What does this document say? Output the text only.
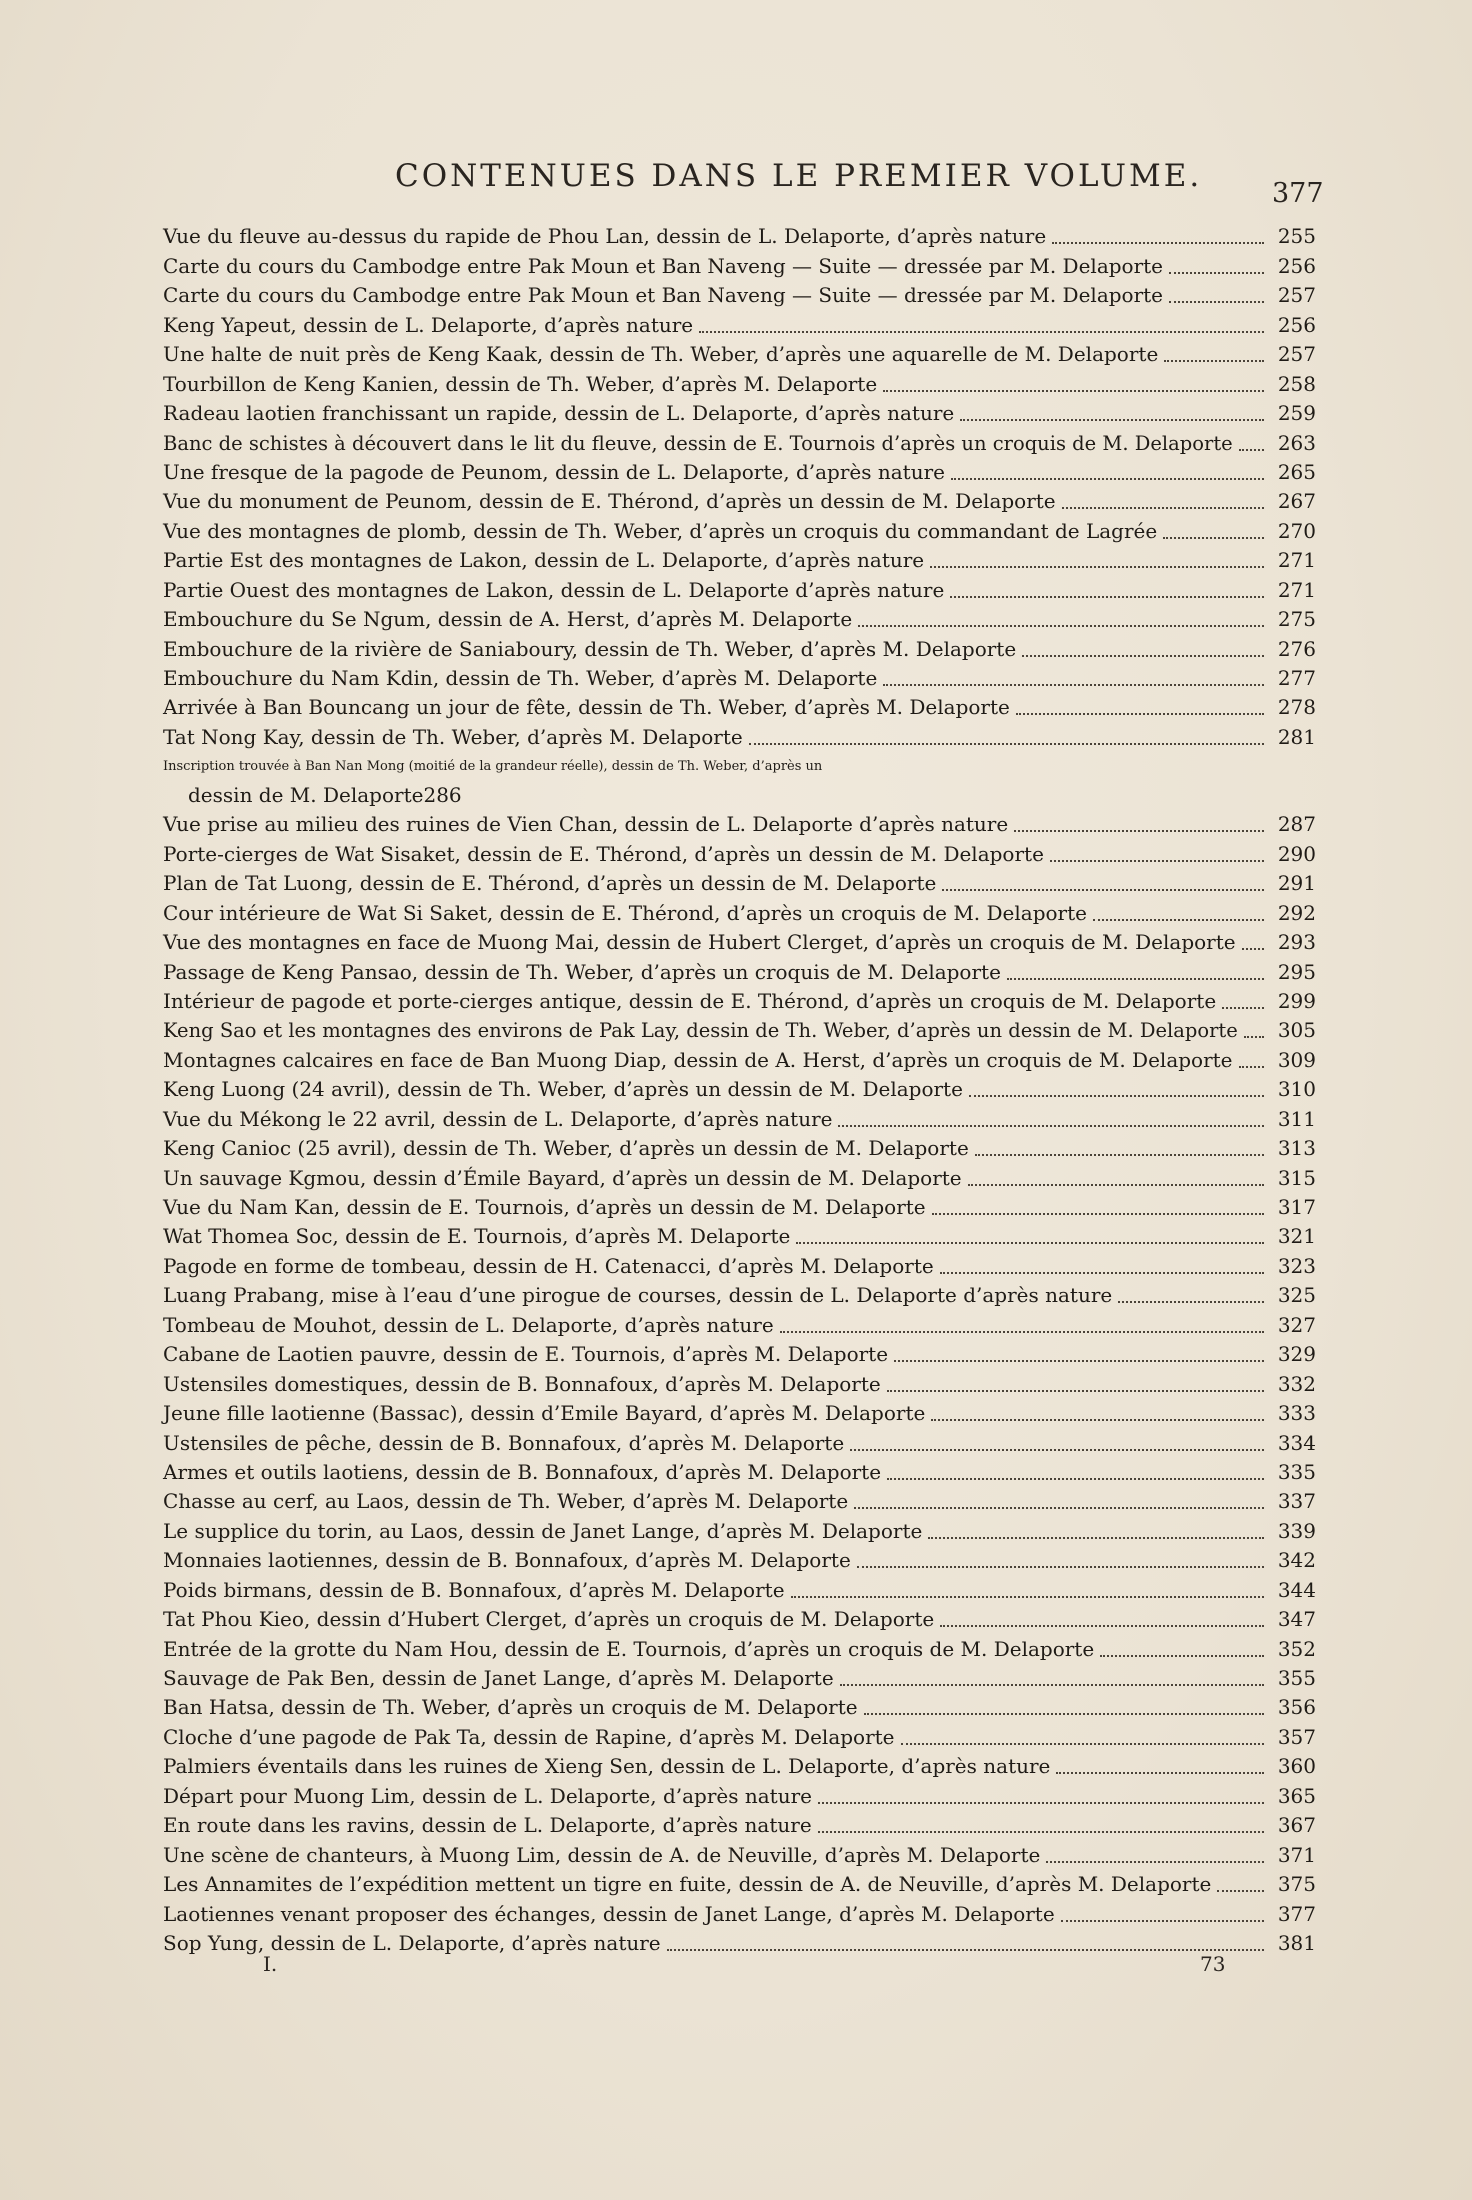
CONTENUES DANS LE PREMIER VOLUME.	377
Vue du fleuve au-dessus du rapide de Phou Lan, dessin de L. Delaporte, d’après nature	255
Carte du cours du Cambodge entre Pak Moun et Ban Naveng — Suite — dressée par M. Delaporte	256
Carte du cours du Cambodge entre Pak Moun et Ban Naveng — Suite — dressée par M. Delaporte	257
Keng Yapeut, dessin de L. Delaporte, d’après nature	256
Une halte de nuit près de Keng Kaak, dessin de Th. Weber, d’après une aquarelle de M. Delaporte	257
Tourbillon de Keng Kanien, dessin de Th. Weber, d’après M. Delaporte	258
Radeau laotien franchissant un rapide, dessin de L. Delaporte, d’après nature	259
Banc de schistes à découvert dans le lit du fleuve, dessin de E. Tournois d’après un croquis de M. Delaporte	263
Une fresque de la pagode de Peunom, dessin de L. Delaporte, d’après nature	265
Vue du monument de Peunom, dessin de E. Thérond, d’après un dessin de M. Delaporte	267
Vue des montagnes de plomb, dessin de Th. Weber, d’après un croquis du commandant de Lagrée	270
Partie Est des montagnes de Lakon, dessin de L. Delaporte, d’après nature	271
Partie Ouest des montagnes de Lakon, dessin de L. Delaporte d’après nature	271
Embouchure du Se Ngum, dessin de A. Herst, d’après M. Delaporte	275
Embouchure de la rivière de Saniaboury, dessin de Th. Weber, d’après M. Delaporte	276
Embouchure du Nam Kdin, dessin de Th. Weber, d’après M. Delaporte	277
Arrivée à Ban Bouncang un jour de fête, dessin de Th. Weber, d’après M. Delaporte	278
Tat Nong Kay, dessin de Th. Weber, d’après M. Delaporte	281
Inscription trouvée à Ban Nan Mong (moitié de la grandeur réelle), dessin de Th. Weber, d’après un
dessin de M. Delaporte 286
Vue prise au milieu des ruines de Vien Chan, dessin de L. Delaporte d’après nature	287
Porte-cierges de Wat Sisaket, dessin de E. Thérond, d’après un dessin de M. Delaporte	290
Plan de Tat Luong, dessin de E. Thérond, d’après un dessin de M. Delaporte	291
Cour intérieure de Wat Si Saket, dessin de E. Thérond, d’après un croquis de M. Delaporte	292
Vue des montagnes en face de Muong Mai, dessin de Hubert Clerget, d’après un croquis de M. Delaporte	293
Passage de Keng Pansao, dessin de Th. Weber, d’après un croquis de M. Delaporte	295
Intérieur de pagode et porte-cierges antique, dessin de E. Thérond, d’après un croquis de M. Delaporte	299
Keng Sao et les montagnes des environs de Pak Lay, dessin de Th. Weber, d’après un dessin de M. Delaporte	305
Montagnes calcaires en face de Ban Muong Diap, dessin de A. Herst, d’après un croquis de M. Delaporte	309
Keng Luong (24 avril), dessin de Th. Weber, d’après un dessin de M. Delaporte	310
Vue du Mékong le 22 avril, dessin de L. Delaporte, d’après nature	311
Keng Canioc (25 avril), dessin de Th. Weber, d’après un dessin de M. Delaporte	313
Un sauvage Kgmou, dessin d’Émile Bayard, d’après un dessin de M. Delaporte	315
Vue du Nam Kan, dessin de E. Tournois, d’après un dessin de M. Delaporte	317
Wat Thomea Soc, dessin de E. Tournois, d’après M. Delaporte	321
Pagode en forme de tombeau, dessin de H. Catenacci, d’après M. Delaporte	323
Luang Prabang, mise à l’eau d’une pirogue de courses, dessin de L. Delaporte d’après nature	325
Tombeau de Mouhot, dessin de L. Delaporte, d’après nature	327
Cabane de Laotien pauvre, dessin de E. Tournois, d’après M. Delaporte	329
Ustensiles domestiques, dessin de B. Bonnafoux, d’après M. Delaporte	332
Jeune fille laotienne (Bassac), dessin d’Emile Bayard, d’après M. Delaporte	333
Ustensiles de pêche, dessin de B. Bonnafoux, d’après M. Delaporte	334
Armes et outils laotiens, dessin de B. Bonnafoux, d’après M. Delaporte	335
Chasse au cerf, au Laos, dessin de Th. Weber, d’après M. Delaporte	337
Le supplice du torin, au Laos, dessin de Janet Lange, d’après M. Delaporte	339
Monnaies laotiennes, dessin de B. Bonnafoux, d’après M. Delaporte	342
Poids birmans, dessin de B. Bonnafoux, d’après M. Delaporte	344
Tat Phou Kieo, dessin d’Hubert Clerget, d’après un croquis de M. Delaporte	347
Entrée de la grotte du Nam Hou, dessin de E. Tournois, d’après un croquis de M. Delaporte	352
Sauvage de Pak Ben, dessin de Janet Lange, d’après M. Delaporte	355
Ban Hatsa, dessin de Th. Weber, d’après un croquis de M. Delaporte	356
Cloche d’une pagode de Pak Ta, dessin de Rapine, d’après M. Delaporte	357
Palmiers éventails dans les ruines de Xieng Sen, dessin de L. Delaporte, d’après nature	360
Départ pour Muong Lim, dessin de L. Delaporte, d’après nature	365
En route dans les ravins, dessin de L. Delaporte, d’après nature	367
Une scène de chanteurs, à Muong Lim, dessin de A. de Neuville, d’après M. Delaporte	371
Les Annamites de l’expédition mettent un tigre en fuite, dessin de A. de Neuville, d’après M. Delaporte	375
Laotiennes venant proposer des échanges, dessin de Janet Lange, d’après M. Delaporte	377
Sop Yung, dessin de L. Delaporte, d’après nature	381
I.	73
